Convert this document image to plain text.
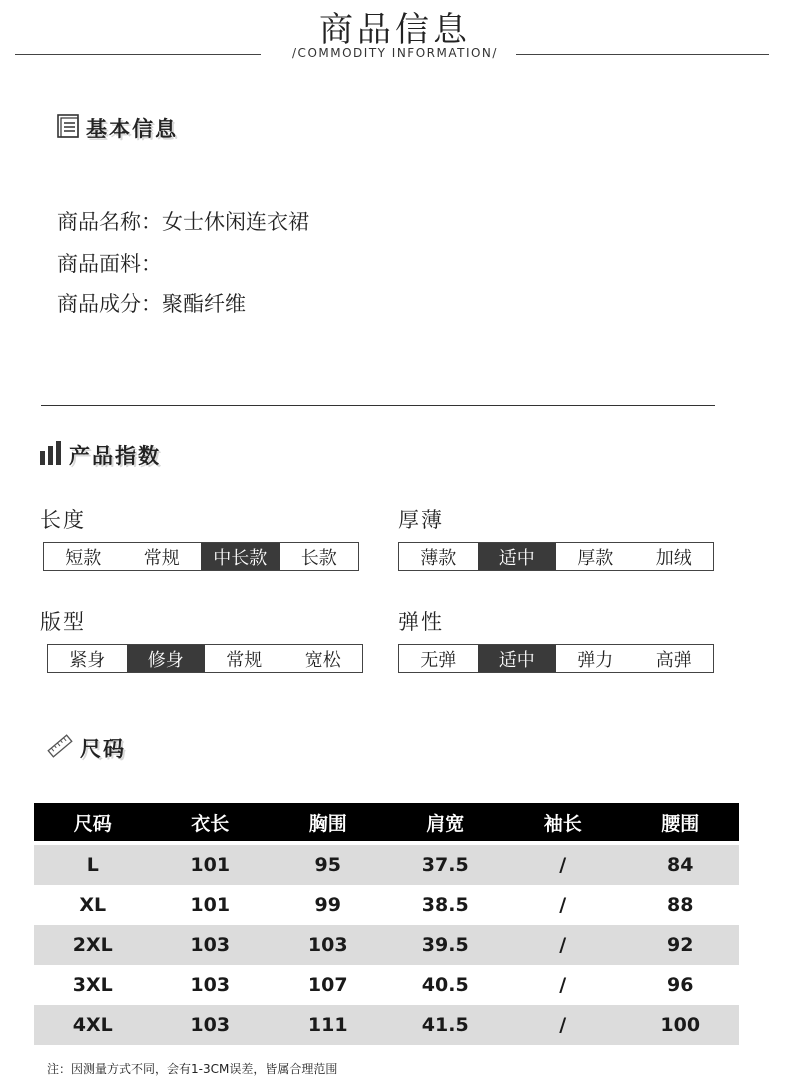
商品信息
/COMMODITY INFORMATION/
基本信息
商品名称：女士休闲连衣裙
商品面料：
商品成分：聚酯纤维
产品指数
长度
短款	常规	中长款	长款
厚薄
薄款	适中	厚款	加绒
版型
紧身	修身	常规	宽松
弹性
无弹	适中	弹力	高弹
尺码
尺码	衣长	胸围	肩宽	袖长	腰围
L	101	95	37.5	/	84
XL	101	99	38.5	/	88
2XL	103	103	39.5	/	92
3XL	103	107	40.5	/	96
4XL	103	111	41.5	/	100
注：因测量方式不同，会有1-3CM误差，皆属合理范围
